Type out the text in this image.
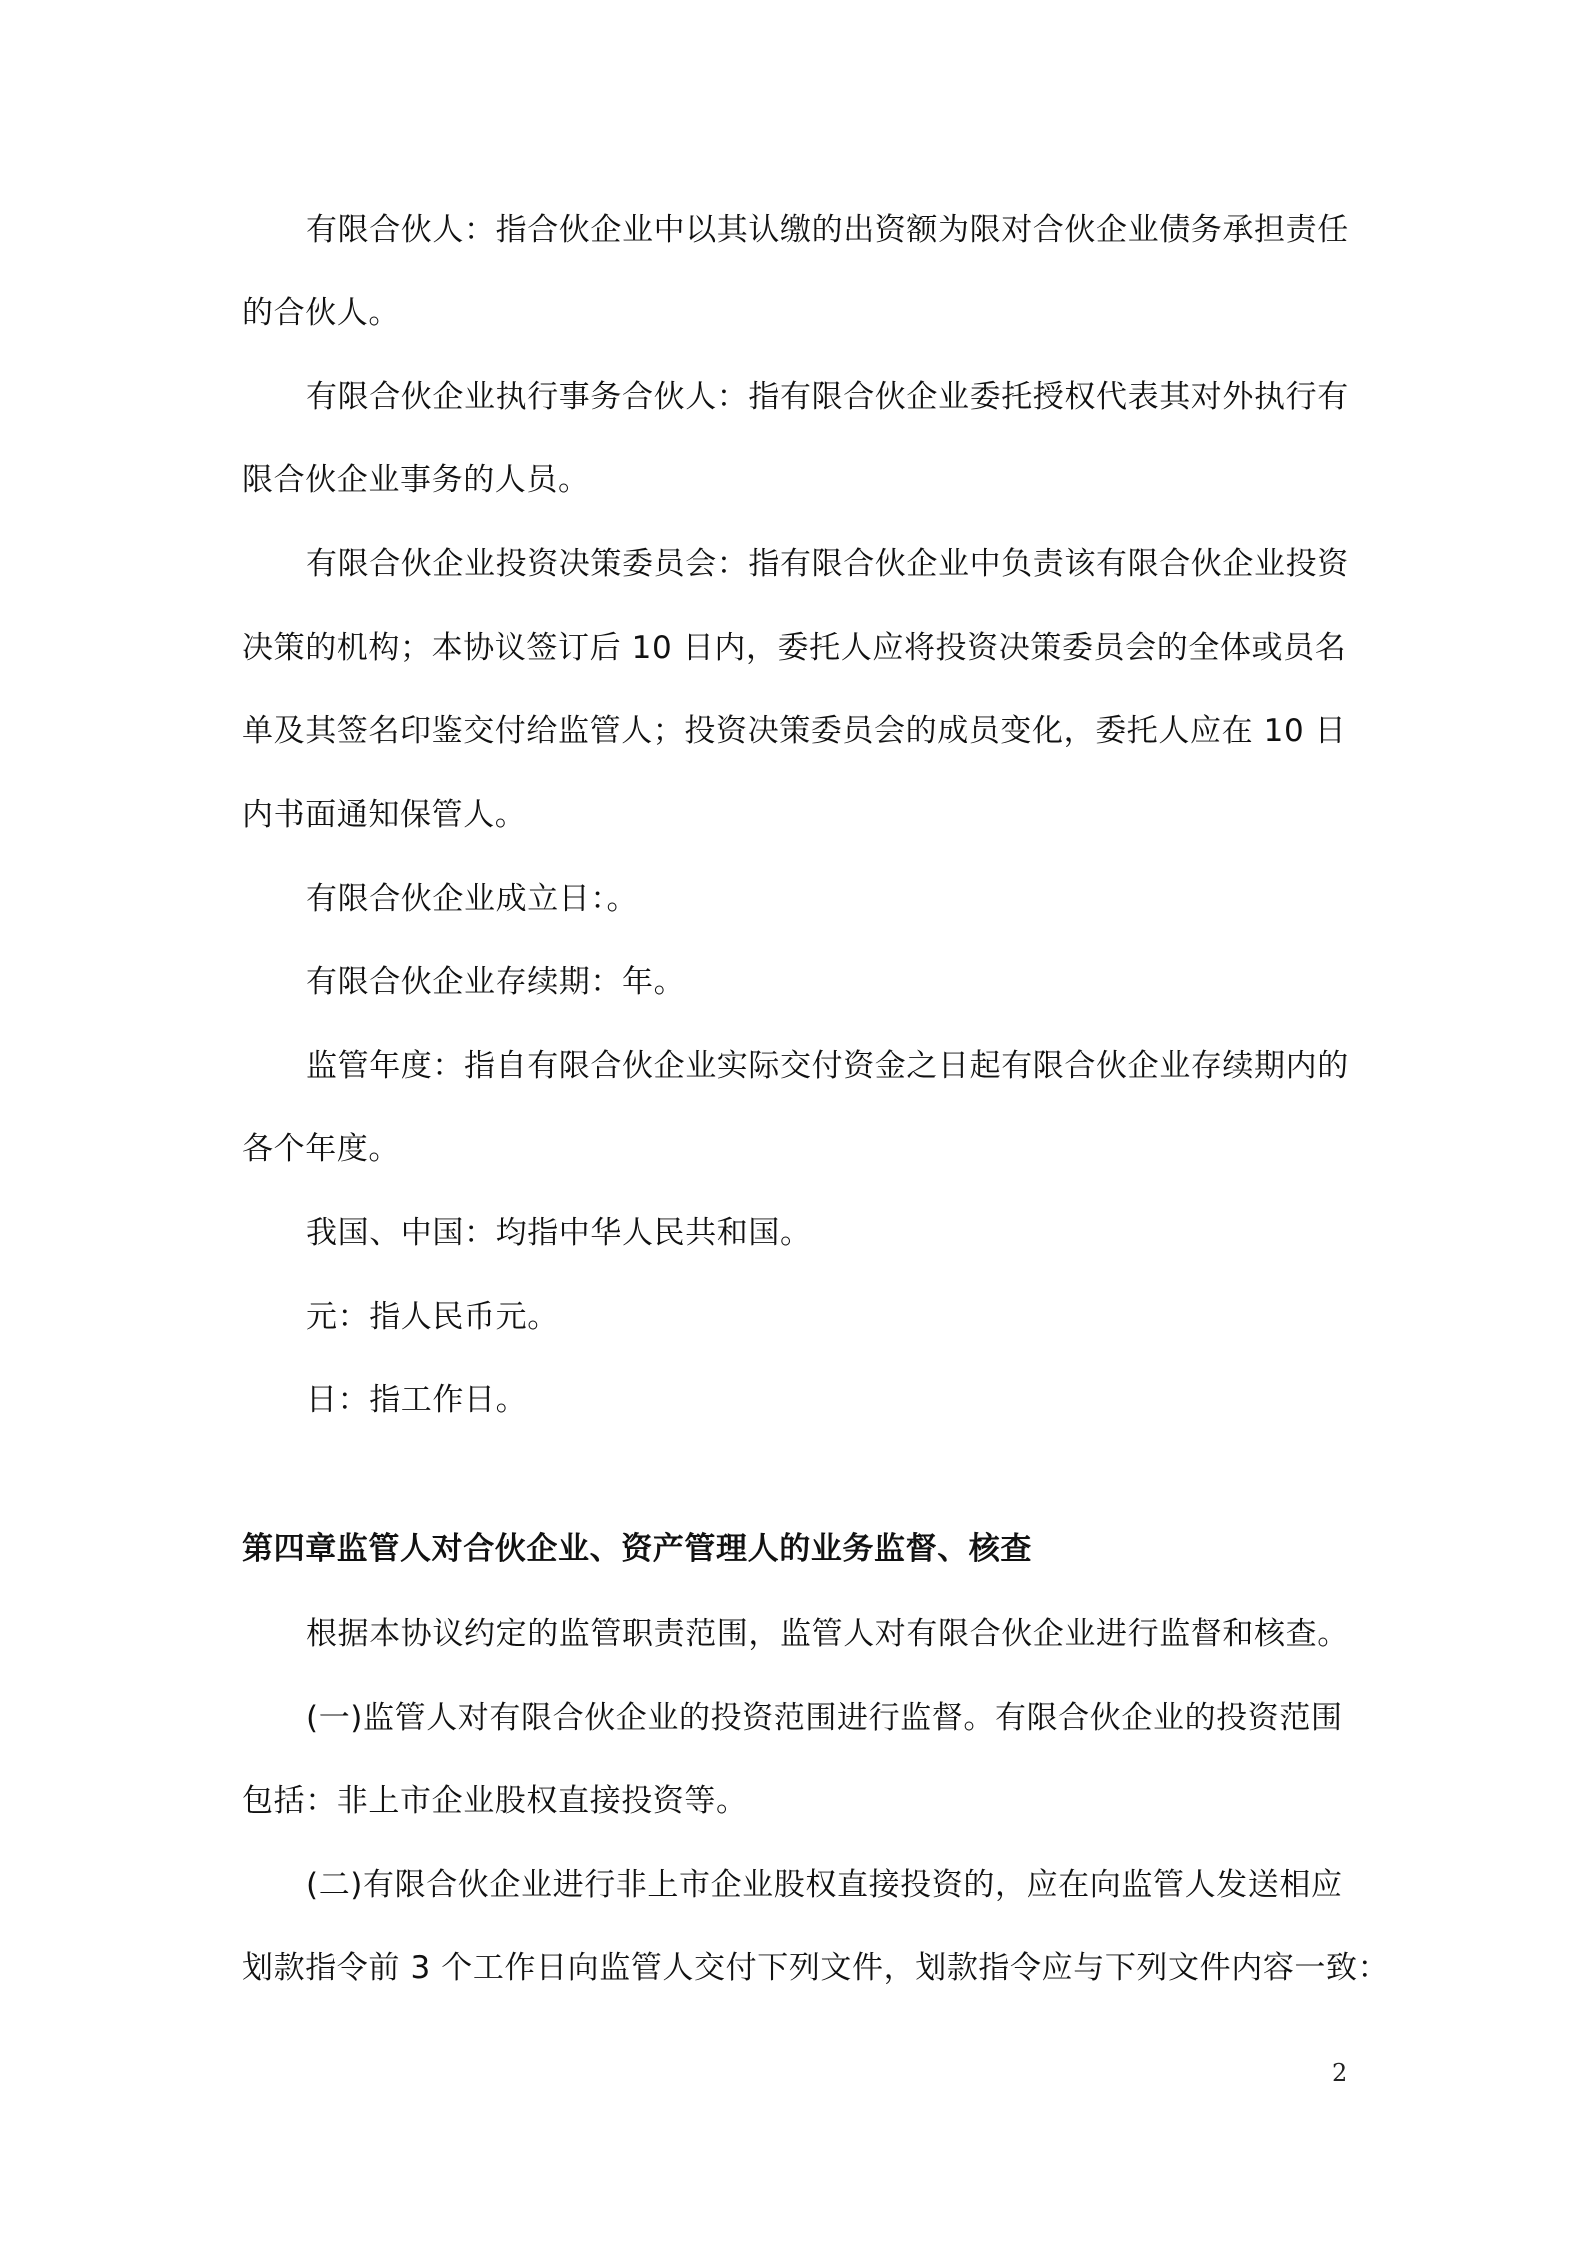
有限合伙人：指合伙企业中以其认缴的出资额为限对合伙企业债务承担责任
的合伙人。
有限合伙企业执行事务合伙人：指有限合伙企业委托授权代表其对外执行有
限合伙企业事务的人员。
有限合伙企业投资决策委员会：指有限合伙企业中负责该有限合伙企业投资
决策的机构；本协议签订后 10 日内，委托人应将投资决策委员会的全体或员名
单及其签名印鉴交付给监管人；投资决策委员会的成员变化，委托人应在 10 日
内书面通知保管人。
有限合伙企业成立日：。
有限合伙企业存续期：年。
监管年度：指自有限合伙企业实际交付资金之日起有限合伙企业存续期内的
各个年度。
我国、中国：均指中华人民共和国。
元：指人民币元。
日：指工作日。
第四章监管人对合伙企业、资产管理人的业务监督、核查
根据本协议约定的监管职责范围，监管人对有限合伙企业进行监督和核查。
(一)监管人对有限合伙企业的投资范围进行监督。有限合伙企业的投资范围
包括：非上市企业股权直接投资等。
(二)有限合伙企业进行非上市企业股权直接投资的，应在向监管人发送相应
划款指令前 3 个工作日向监管人交付下列文件，划款指令应与下列文件内容一致：
2
